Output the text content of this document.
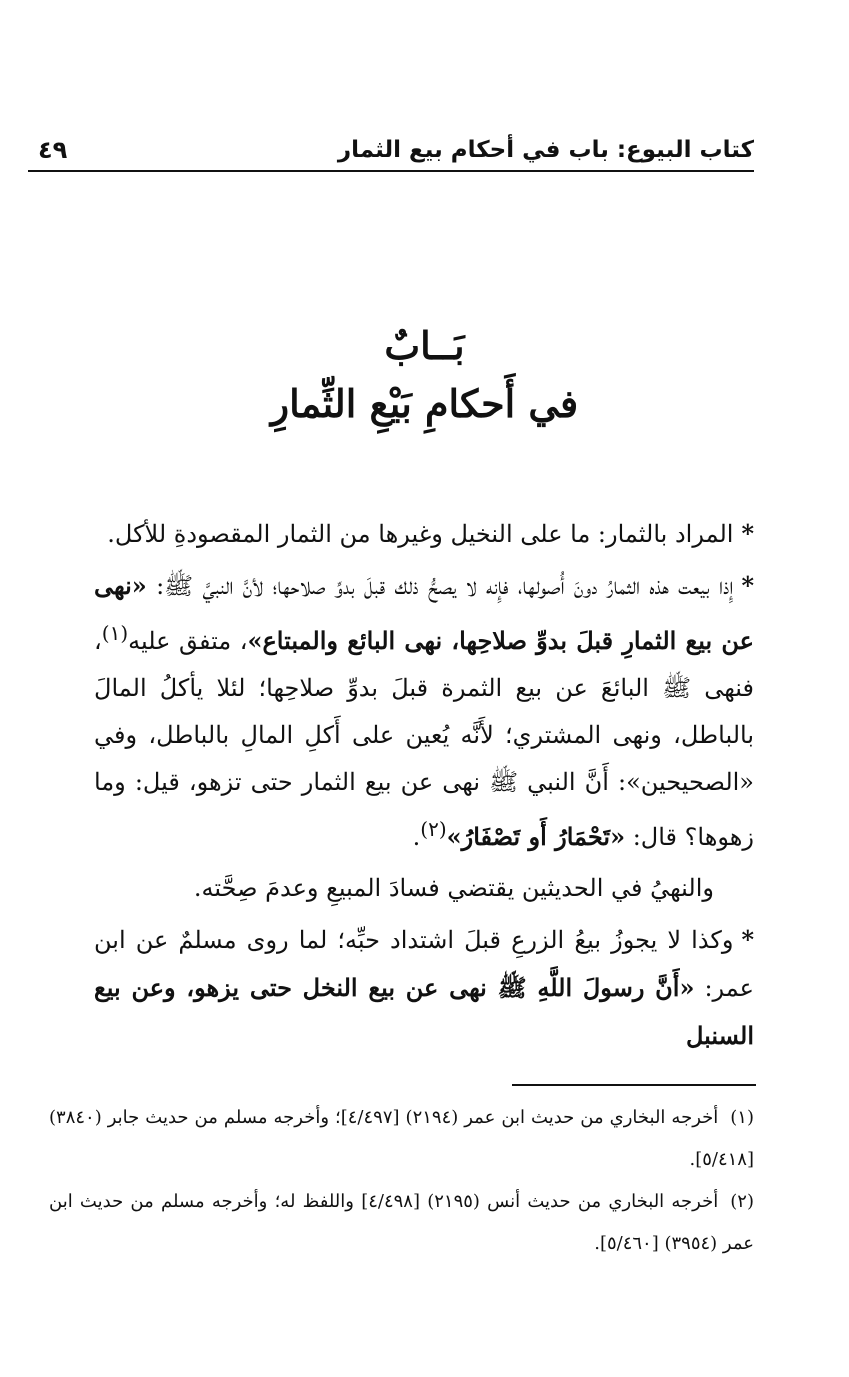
كتاب البيوع: باب في أحكام بيع الثمار
٤٩
بَــابٌ
في أَحكامِ بَيْعِ الثِّمارِ

*المراد بالثمار: ما على النخيل وغيرها من الثمار المقصودةِ للأكل.

*إِذا بيعت هذه الثمارُ دونَ أُصولها، فإِنه لا يصحُّ ذلك قبلَ بدوِّ صلاحها؛ لأنَّ النبيَّ ﷺ: «نهى عن بيع الثمارِ قبلَ بدوِّ صلاحِها، نهى البائع والمبتاع»، متفق عليه$^{(١)}$، فنهى ﷺ البائعَ عن بيع الثمرة قبلَ بدوِّ صلاحِها؛ لئلا يأكلُ المالَ بالباطل، ونهى المشتري؛ لأَنَّه يُعين على أَكلِ المالِ بالباطل، وفي «الصحيحين»: أَنَّ النبي ﷺ نهى عن بيع الثمار حتى تزهو، قيل: وما زهوها؟ قال: «تَحْمَارُ أَو تَصْفَارُ»$^{(٢)}$.

والنهيُ في الحديثين يقتضي فسادَ المبيعِ وعدمَ صِحَّته.

*وكذا لا يجوزُ بيعُ الزرعِ قبلَ اشتداد حبِّه؛ لما روى مسلمٌ عن ابن عمر: «أَنَّ رسولَ اللَّهِ ﷺ نهى عن بيع النخل حتى يزهو، وعن بيع السنبل

(١)أخرجه البخاري من حديث ابن عمر (٢١٩٤) [٤/٤٩٧]؛ وأخرجه مسلم من حديث جابر (٣٨٤٠) [٥/٤١٨].

(٢)أخرجه البخاري من حديث أنس (٢١٩٥) [٤/٤٩٨] واللفظ له؛ وأخرجه مسلم من حديث ابن عمر (٣٩٥٤) [٥/٤٦٠].
